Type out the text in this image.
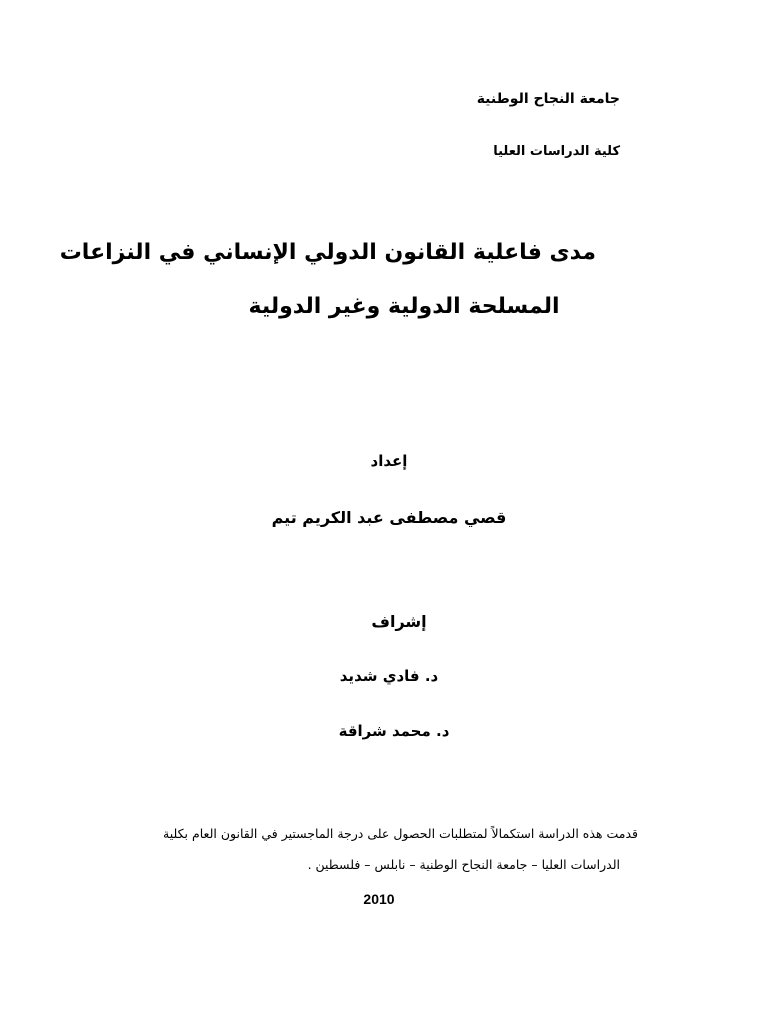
جامعة النجاح الوطنية
كلية الدراسات العليا
مدى فاعلية القانون الدولي الإنساني في النزاعات
المسلحة الدولية وغير الدولية
إعداد
قصي مصطفى عبد الكريم تيم
إشراف
د. فادي شديد
د. محمد شراقة
قدمت هذه الدراسة استكمالاً لمتطلبات الحصول على درجة الماجستير في القانون العام بكلية
الدراسات العليا – جامعة النجاح الوطنية – نابلس – فلسطين .
2010
